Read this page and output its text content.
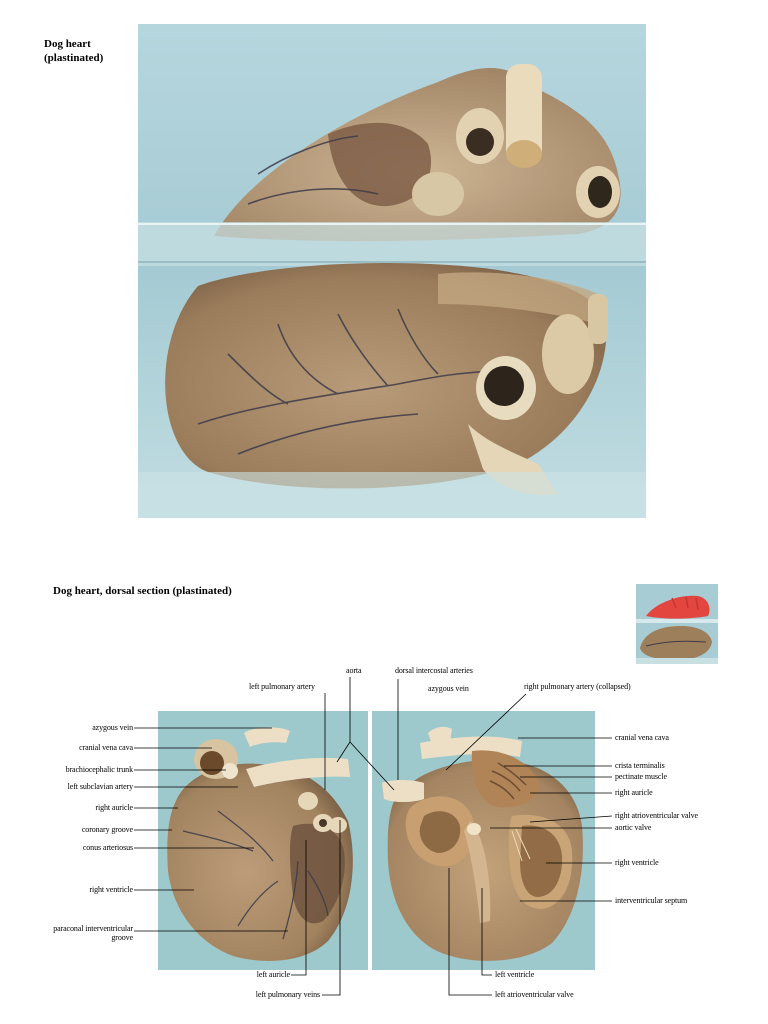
Dog heart
(plastinated)
Dog heart, dorsal section (plastinated)
azygous vein
cranial vena cava
brachiocephalic trunk
left subclavian artery
right auricle
coronary groove
conus arteriosus
right ventricle
paraconal interventricular
groove
left pulmonary artery
aorta	dorsal intercostal arteries
azygous vein	right pulmonary artery (collapsed)
cranial vena cava
crista terminalis
pectinate muscle
right auricle
right atrioventricular valve
aortic valve
right ventricle
interventricular septum
left auricle
left pulmonary veins
left ventricle
left atrioventricular valve
